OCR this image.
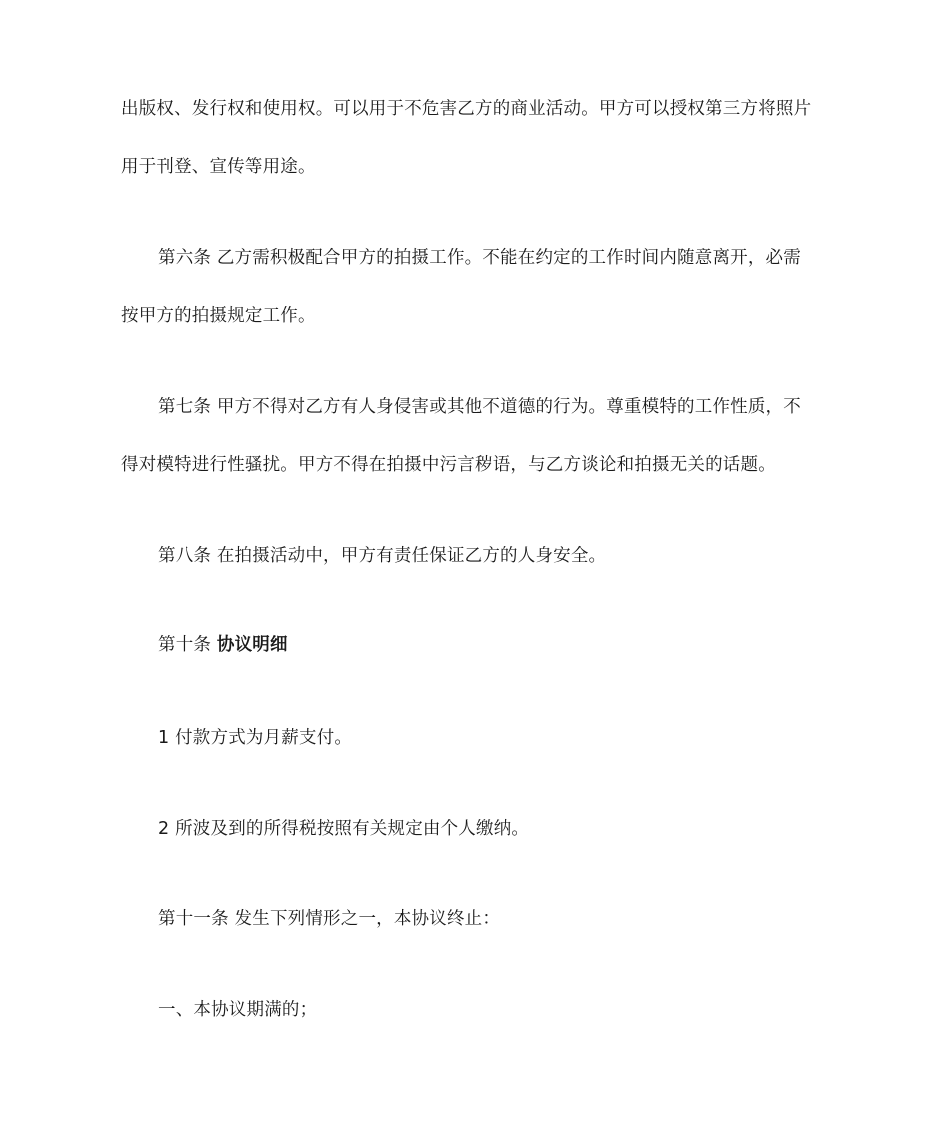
出版权、发行权和使用权。可以用于不危害乙方的商业活动。甲方可以授权第三方将照片
用于刊登、宣传等用途。
第六条 乙方需积极配合甲方的拍摄工作。不能在约定的工作时间内随意离开，必需
按甲方的拍摄规定工作。
第七条 甲方不得对乙方有人身侵害或其他不道德的行为。尊重模特的工作性质，不
得对模特进行性骚扰。甲方不得在拍摄中污言秽语，与乙方谈论和拍摄无关的话题。
第八条 在拍摄活动中，甲方有责任保证乙方的人身安全。
第十条 协议明细
1 付款方式为月薪支付。
2 所波及到的所得税按照有关规定由个人缴纳。
第十一条 发生下列情形之一，本协议终止：
一、本协议期满的；
